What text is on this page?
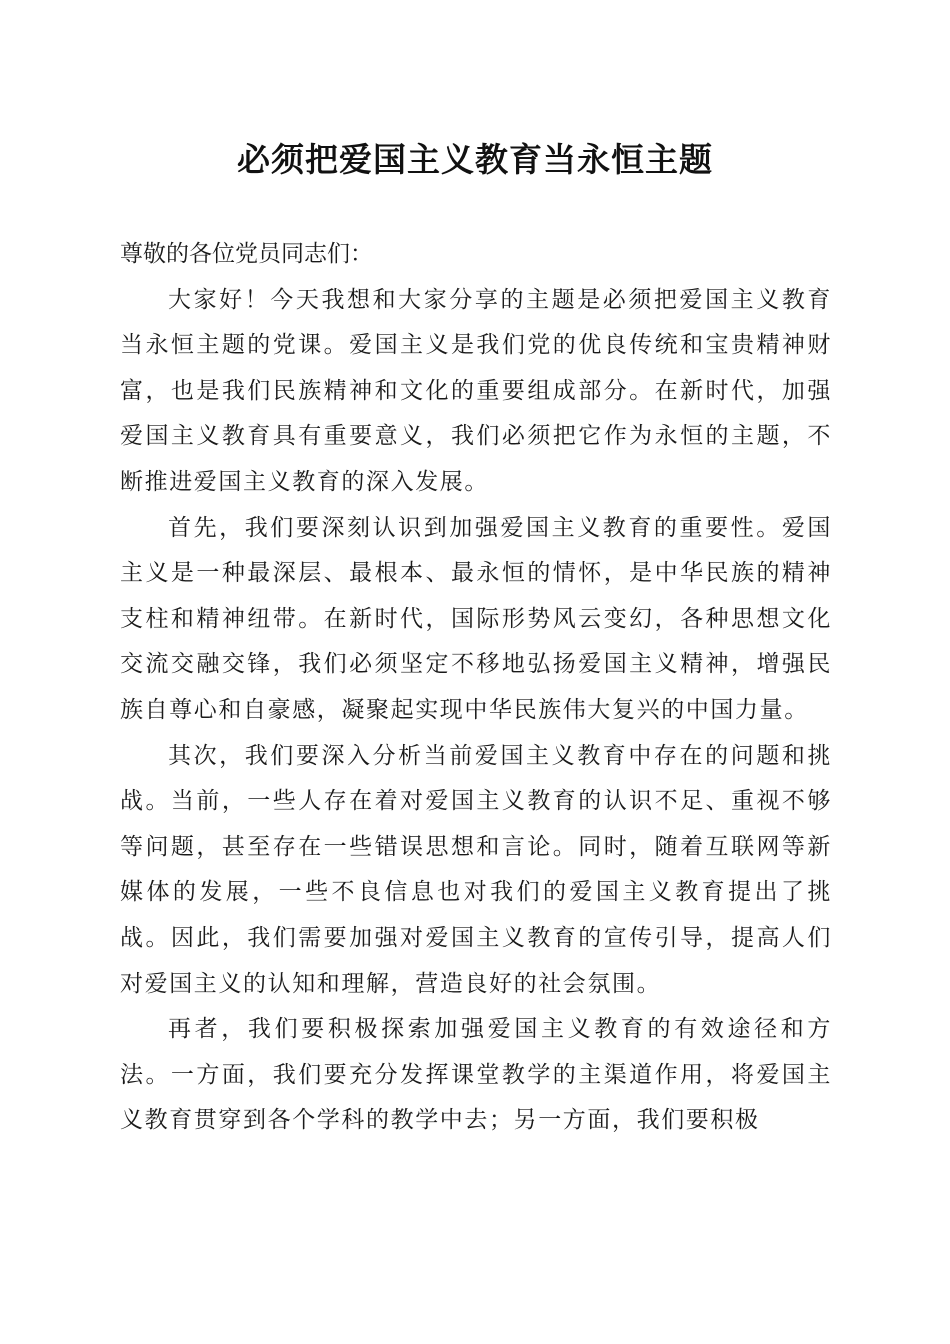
必须把爱国主义教育当永恒主题

尊敬的各位党员同志们：

大家好！今天我想和大家分享的主题是必须把爱国主义教育当永恒主题的党课。爱国主义是我们党的优良传统和宝贵精神财富，也是我们民族精神和文化的重要组成部分。在新时代，加强爱国主义教育具有重要意义，我们必须把它作为永恒的主题，不断推进爱国主义教育的深入发展。

首先，我们要深刻认识到加强爱国主义教育的重要性。爱国主义是一种最深层、最根本、最永恒的情怀，是中华民族的精神支柱和精神纽带。在新时代，国际形势风云变幻，各种思想文化交流交融交锋，我们必须坚定不移地弘扬爱国主义精神，增强民族自尊心和自豪感，凝聚起实现中华民族伟大复兴的中国力量。

其次，我们要深入分析当前爱国主义教育中存在的问题和挑战。当前，一些人存在着对爱国主义教育的认识不足、重视不够等问题，甚至存在一些错误思想和言论。同时，随着互联网等新媒体的发展，一些不良信息也对我们的爱国主义教育提出了挑战。因此，我们需要加强对爱国主义教育的宣传引导，提高人们对爱国主义的认知和理解，营造良好的社会氛围。

再者，我们要积极探索加强爱国主义教育的有效途径和方法。一方面，我们要充分发挥课堂教学的主渠道作用，将爱国主义教育贯穿到各个学科的教学中去；另一方面，我们要积极
